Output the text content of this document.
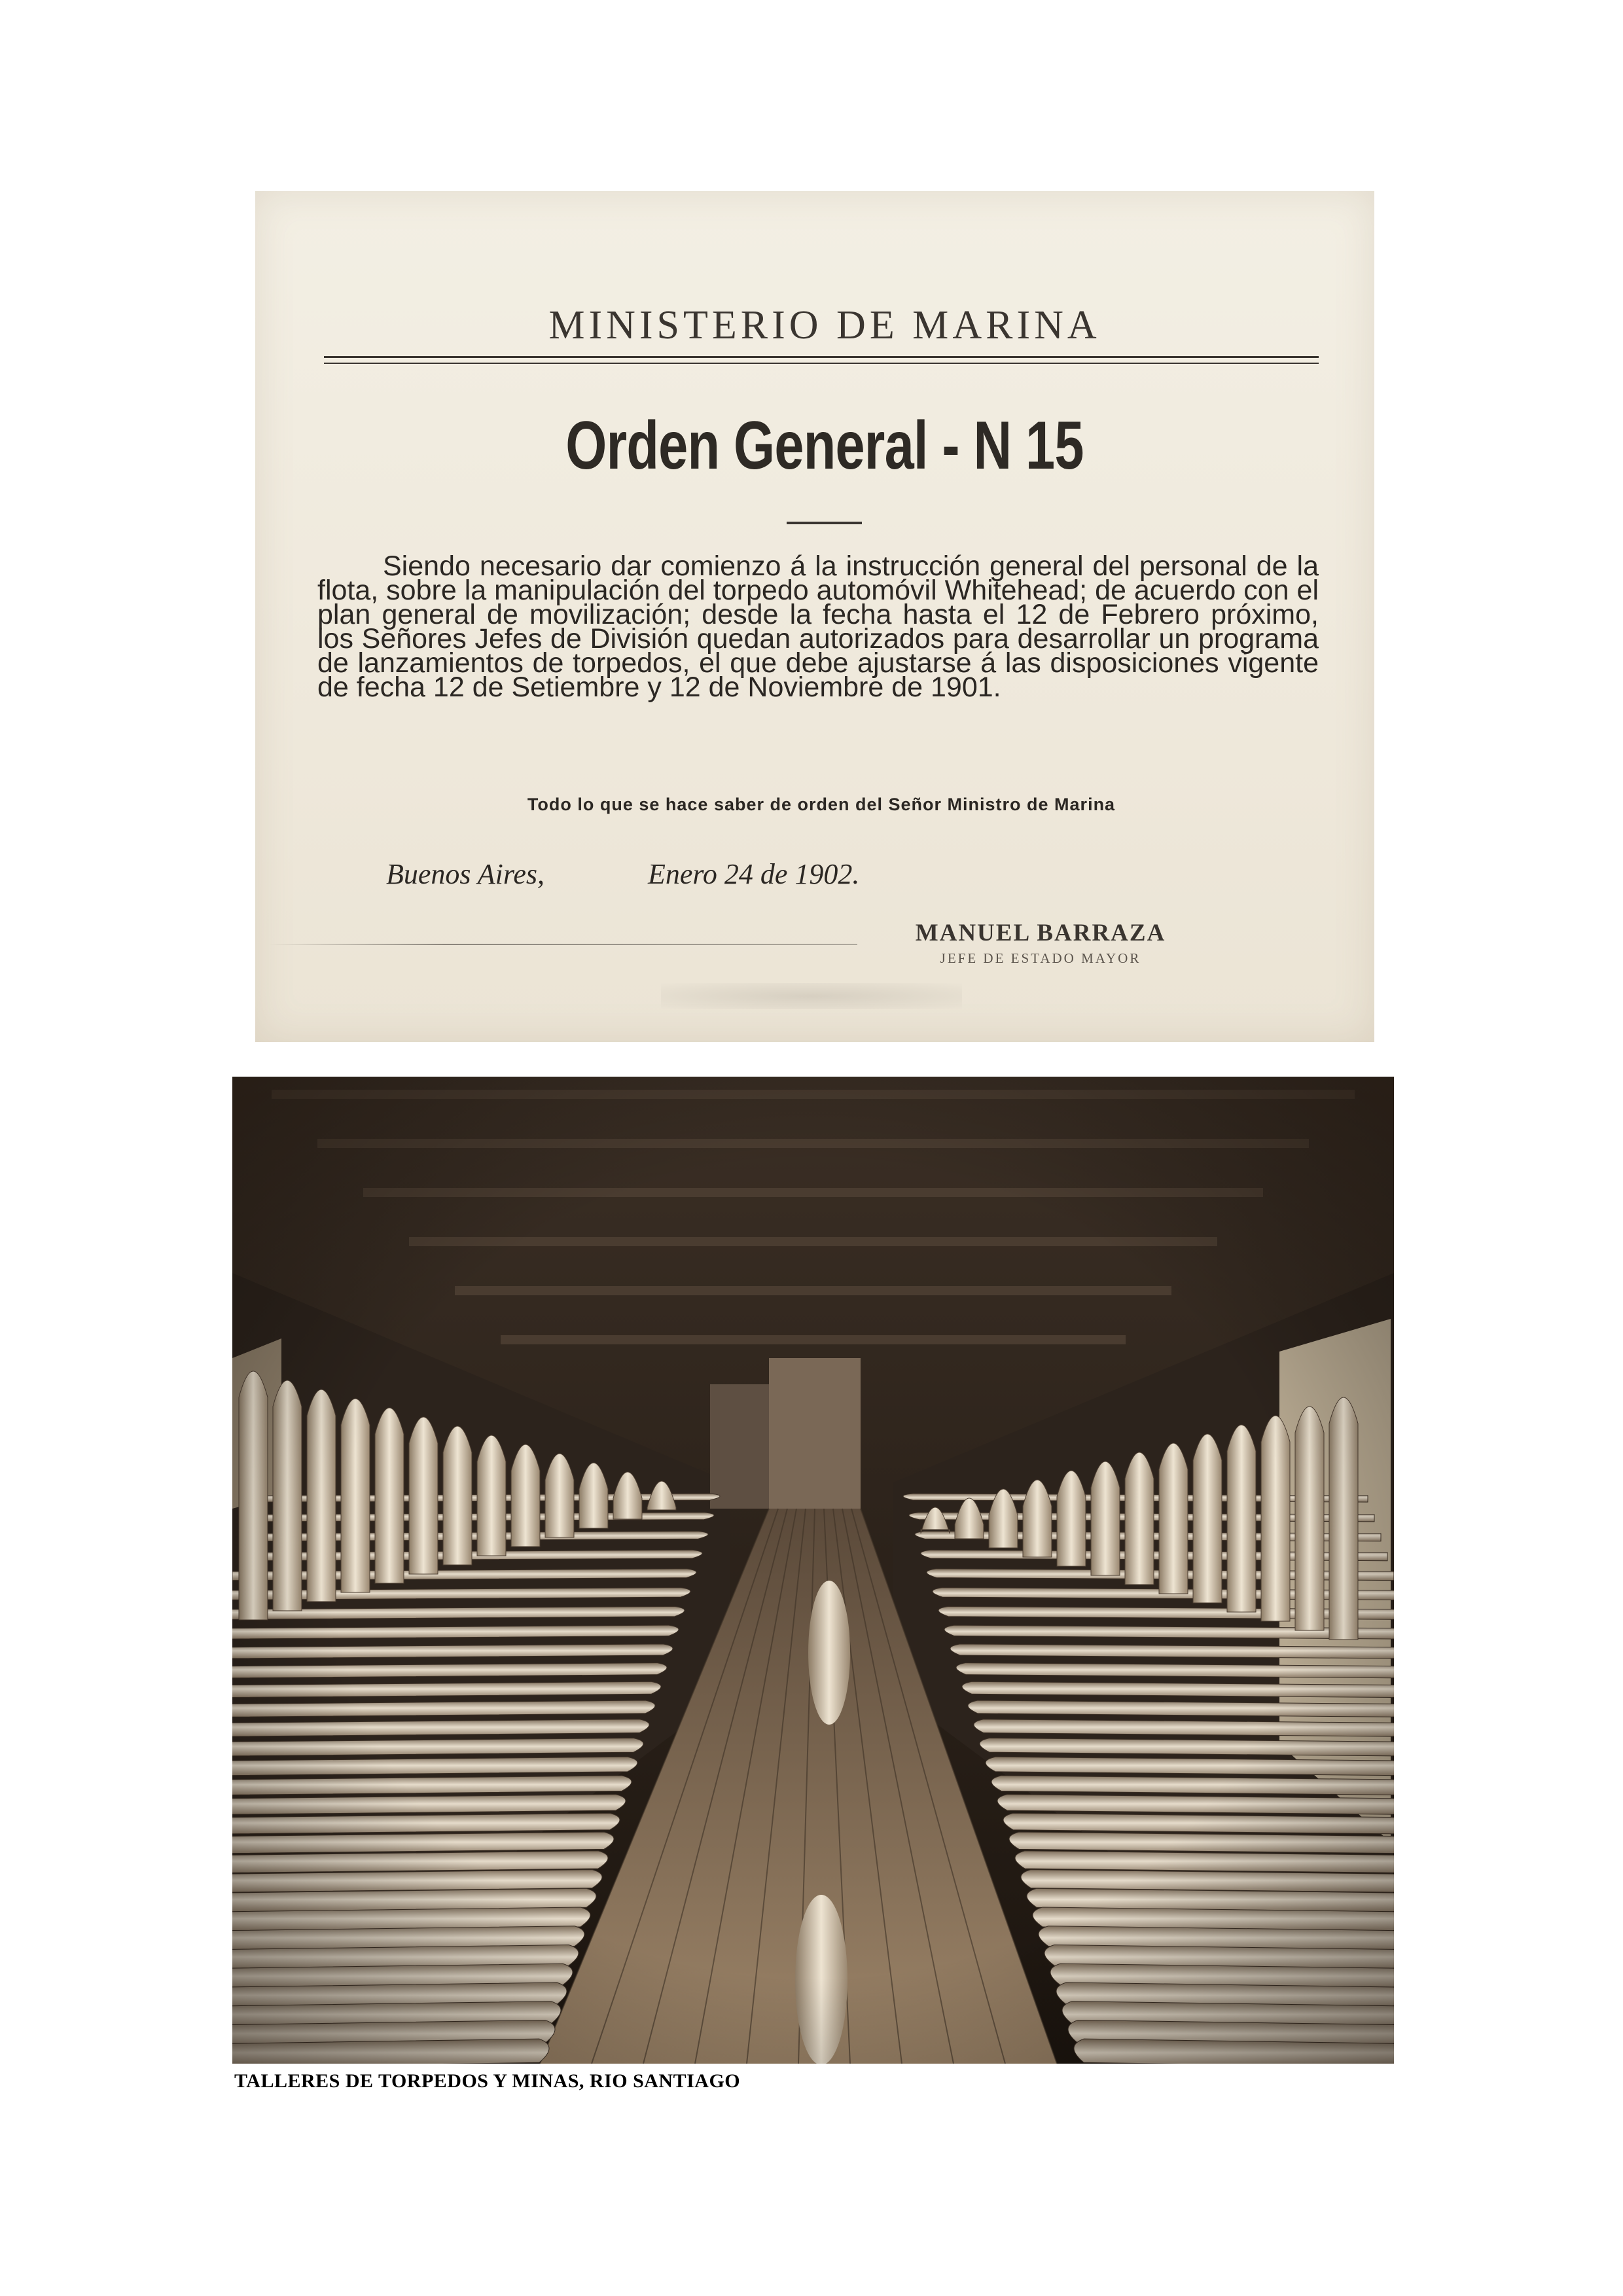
MINISTERIO DE MARINA
Orden General - N 15
Siendo necesario dar comienzo á la instrucción general del personal de la flota, sobre la manipulación del torpedo automóvil Whitehead; de acuerdo con el plan general de movilización; desde la fecha hasta el 12 de Febrero próximo, los Señores Jefes de División quedan autorizados para desarrollar un programa de lanzamientos de torpedos, el que debe ajustarse á las disposiciones vigente de fecha 12 de Setiembre y 12 de Noviembre de 1901.
Todo lo que se hace saber de orden del Señor Ministro de Marina
Buenos Aires,	Enero 24 de 1902.
MANUEL BARRAZA
JEFE DE ESTADO MAYOR
TALLERES DE TORPEDOS Y MINAS, RIO SANTIAGO
